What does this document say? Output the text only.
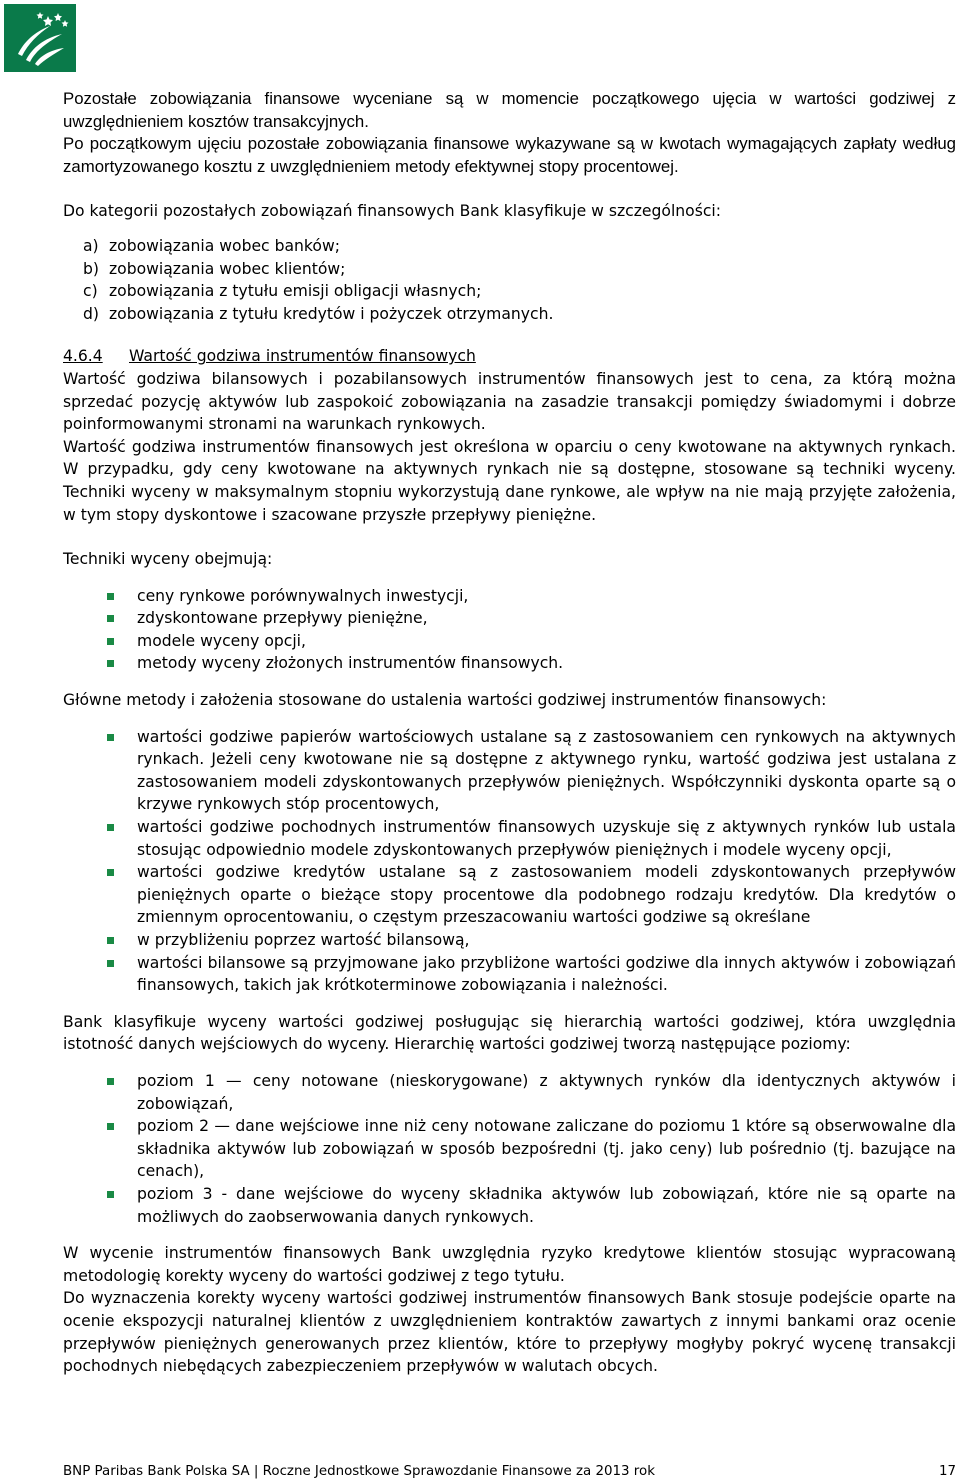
Pozostałe zobowiązania finansowe wyceniane są w momencie początkowego ujęcia w wartości godziwej z uwzględnieniem kosztów transakcyjnych.

Po początkowym ujęciu pozostałe zobowiązania finansowe wykazywane są w kwotach wymagających zapłaty według zamortyzowanego kosztu z uwzględnieniem metody efektywnej stopy procentowej.

Do kategorii pozostałych zobowiązań finansowych Bank klasyfikuje w szczególności:

a) zobowiązania wobec banków;
b) zobowiązania wobec klientów;
c) zobowiązania z tytułu emisji obligacji własnych;
d) zobowiązania z tytułu kredytów i pożyczek otrzymanych.
4.6.4 Wartość godziwa instrumentów finansowych

Wartość godziwa bilansowych i pozabilansowych instrumentów finansowych jest to cena, za którą można sprzedać pozycję aktywów lub zaspokoić zobowiązania na zasadzie transakcji pomiędzy świadomymi i dobrze poinformowanymi stronami na warunkach rynkowych.

Wartość godziwa instrumentów finansowych jest określona w oparciu o ceny kwotowane na aktywnych rynkach. W przypadku, gdy ceny kwotowane na aktywnych rynkach nie są dostępne, stosowane są techniki wyceny. Techniki wyceny w maksymalnym stopniu wykorzystują dane rynkowe, ale wpływ na nie mają przyjęte założenia, w tym stopy dyskontowe i szacowane przyszłe przepływy pieniężne.

Techniki wyceny obejmują:

ceny rynkowe porównywalnych inwestycji,
zdyskontowane przepływy pieniężne,
modele wyceny opcji,
metody wyceny złożonych instrumentów finansowych.

Główne metody i założenia stosowane do ustalenia wartości godziwej instrumentów finansowych:

wartości godziwe papierów wartościowych ustalane są z zastosowaniem cen rynkowych na aktywnych rynkach. Jeżeli ceny kwotowane nie są dostępne z aktywnego rynku, wartość godziwa jest ustalana z zastosowaniem modeli zdyskontowanych przepływów pieniężnych. Współczynniki dyskonta oparte są o krzywe rynkowych stóp procentowych,
wartości godziwe pochodnych instrumentów finansowych uzyskuje się z aktywnych rynków lub ustala stosując odpowiednio modele zdyskontowanych przepływów pieniężnych i modele wyceny opcji,
wartości godziwe kredytów ustalane są z zastosowaniem modeli zdyskontowanych przepływów pieniężnych oparte o bieżące stopy procentowe dla podobnego rodzaju kredytów. Dla kredytów o zmiennym oprocentowaniu, o częstym przeszacowaniu wartości godziwe są określane
w przybliżeniu poprzez wartość bilansową,
wartości bilansowe są przyjmowane jako przybliżone wartości godziwe dla innych aktywów i zobowiązań finansowych, takich jak krótkoterminowe zobowiązania i należności.

Bank klasyfikuje wyceny wartości godziwej posługując się hierarchią wartości godziwej, która uwzględnia istotność danych wejściowych do wyceny. Hierarchię wartości godziwej tworzą następujące poziomy:

poziom 1 — ceny notowane (nieskorygowane) z aktywnych rynków dla identycznych aktywów i zobowiązań,
poziom 2 — dane wejściowe inne niż ceny notowane zaliczane do poziomu 1 które są obserwowalne dla składnika aktywów lub zobowiązań w sposób bezpośredni (tj. jako ceny) lub pośrednio (tj. bazujące na cenach),
poziom 3 - dane wejściowe do wyceny składnika aktywów lub zobowiązań, które nie są oparte na możliwych do zaobserwowania danych rynkowych.

W wycenie instrumentów finansowych Bank uwzględnia ryzyko kredytowe klientów stosując wypracowaną metodologię korekty wyceny do wartości godziwej z tego tytułu.

Do wyznaczenia korekty wyceny wartości godziwej instrumentów finansowych Bank stosuje podejście oparte na ocenie ekspozycji naturalnej klientów z uwzględnieniem kontraktów zawartych z innymi bankami oraz ocenie przepływów pieniężnych generowanych przez klientów, które to przepływy mogłyby pokryć wycenę transakcji pochodnych niebędących zabezpieczeniem przepływów w walutach obcych.

BNP Paribas Bank Polska SA | Roczne Jednostkowe Sprawozdanie Finansowe za 2013 rok	17
